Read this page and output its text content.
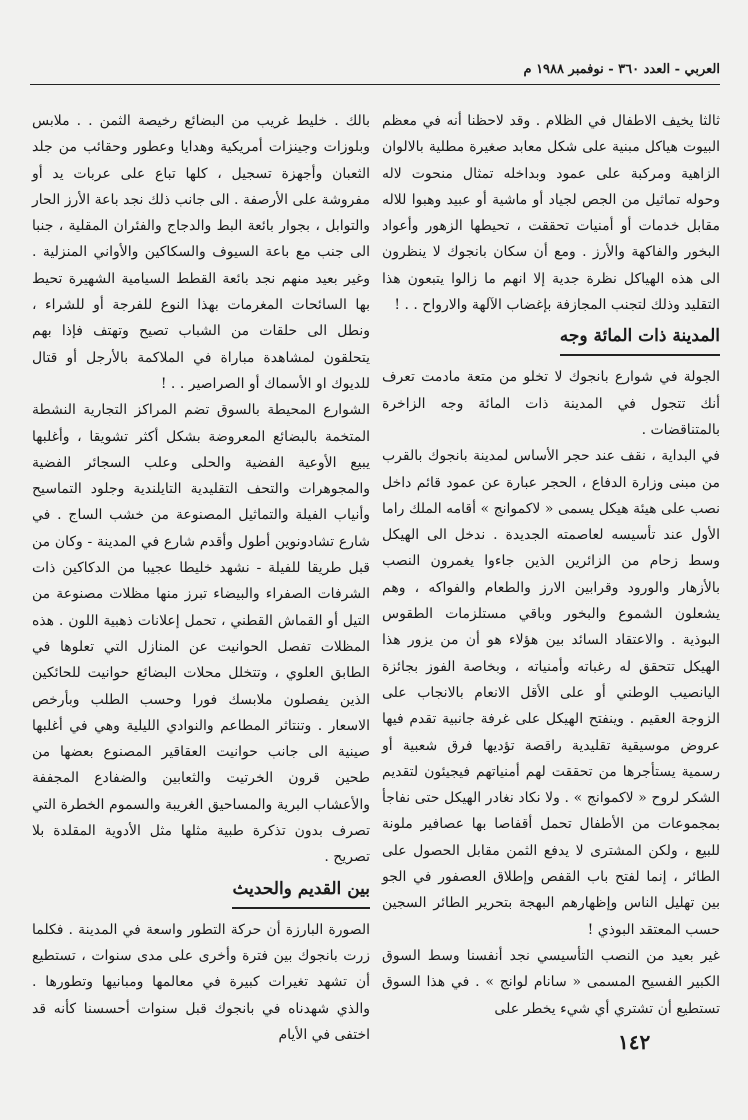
العربي - العدد ٣٦٠ - نوفمبر ١٩٨٨ م

ثالثا يخيف الاطفال في الظلام . وقد لاحظنا أنه في معظم البيوت هياكل مبنية على شكل معابد صغيرة مطلية بالالوان الزاهية ومركبة على عمود وبداخله تمثال منحوت لاله وحوله تماثيل من الجص لجياد أو ماشية أو عبيد وهبوا للاله مقابل خدمات أو أمنيات تحققت ، تحيطها الزهور وأعواد البخور والفاكهة والأرز . ومع أن سكان بانجوك لا ينظرون الى هذه الهياكل نظرة جدية إلا انهم ما زالوا يتبعون هذا التقليد وذلك لتجنب المجازفة بإغضاب الآلهة والارواح . . !

المدينة ذات المائة وجه

الجولة في شوارع بانجوك لا تخلو من متعة مادمت تعرف أنك تتجول في المدينة ذات المائة وجه الزاخرة بالمتناقضات .

في البداية ، نقف عند حجر الأساس لمدينة بانجوك بالقرب من مبنى وزارة الدفاع ، الحجر عبارة عن عمود قائم داخل نصب على هيئة هيكل يسمى « لاكموانج » أقامه الملك راما الأول عند تأسيسه لعاصمته الجديدة . ندخل الى الهيكل وسط زحام من الزائرين الذين جاءوا يغمرون النصب بالأزهار والورود وقرابين الارز والطعام والفواكه ، وهم يشعلون الشموع والبخور وباقي مستلزمات الطقوس البوذية . والاعتقاد السائد بين هؤلاء هو أن من يزور هذا الهيكل تتحقق له رغباته وأمنياته ، وبخاصة الفوز بجائزة اليانصيب الوطني أو على الأقل الانعام بالانجاب على الزوجة العقيم . وينفتح الهيكل على غرفة جانبية تقدم فيها عروض موسيقية تقليدية راقصة تؤديها فرق شعبية أو رسمية يستأجرها من تحققت لهم أمنياتهم فيجيئون لتقديم الشكر لروح « لاكموانج » . ولا نكاد نغادر الهيكل حتى نفاجأ بمجموعات من الأطفال تحمل أقفاصا بها عصافير ملونة للبيع ، ولكن المشترى لا يدفع الثمن مقابل الحصول على الطائر ، إنما لفتح باب القفص وإطلاق العصفور في الجو بين تهليل الناس وإظهارهم البهجة بتحرير الطائر السجين حسب المعتقد البوذي !

غير بعيد من النصب التأسيسي نجد أنفسنا وسط السوق الكبير الفسيح المسمى « سانام لوانج » . في هذا السوق تستطيع أن تشتري أي شيء يخطر على

بالك . خليط غريب من البضائع رخيصة الثمن . . ملابس وبلوزات وجينزات أمريكية وهدايا وعطور وحقائب من جلد الثعبان وأجهزة تسجيل ، كلها تباع على عربات يد أو مفروشة على الأرصفة . الى جانب ذلك نجد باعة الأرز الحار والتوابل ، بجوار بائعة البط والدجاج والفئران المقلية ، جنبا الى جنب مع باعة السيوف والسكاكين والأواني المنزلية . وغير بعيد منهم نجد بائعة القطط السيامية الشهيرة تحيط بها السائحات المغرمات بهذا النوع للفرجة أو للشراء ، ونطل الى حلقات من الشباب تصيح وتهتف فإذا بهم يتحلقون لمشاهدة مباراة في الملاكمة بالأرجل أو قتال للديوك او الأسماك أو الصراصير . . !

الشوارع المحيطة بالسوق تضم المراكز التجارية النشطة المتخمة بالبضائع المعروضة بشكل أكثر تشويقا ، وأغلبها يبيع الأوعية الفضية والحلى وعلب السجائر الفضية والمجوهرات والتحف التقليدية التايلندية وجلود التماسيح وأنياب الفيلة والتماثيل المصنوعة من خشب الساج . في شارع تشادونوين أطول وأقدم شارع في المدينة - وكان من قبل طريقا للفيلة - نشهد خليطا عجيبا من الدكاكين ذات الشرفات الصفراء والبيضاء تبرز منها مظلات مصنوعة من التيل أو القماش القطني ، تحمل إعلانات ذهبية اللون . هذه المظلات تفصل الحوانيت عن المنازل التي تعلوها في الطابق العلوي ، وتتخلل محلات البضائع حوانيت للحائكين الذين يفصلون ملابسك فورا وحسب الطلب وبأرخص الاسعار . وتنتاثر المطاعم والنوادي الليلية وهي في أغلبها صينية الى جانب حوانيت العقاقير المصنوع بعضها من طحين قرون الخرتيت والثعابين والضفادع المجففة والأعشاب البرية والمساحيق الغريبة والسموم الخطرة التي تصرف بدون تذكرة طبية مثلها مثل الأدوية المقلدة بلا تصريح .

بين القديم والحديث

الصورة البارزة أن حركة التطور واسعة في المدينة . فكلما زرت بانجوك بين فترة وأخرى على مدى سنوات ، تستطيع أن تشهد تغيرات كبيرة في معالمها ومبانيها وتطورها . والذي شهدناه في بانجوك قبل سنوات أحسسنا كأنه قد اختفى في الأيام	١٤٢
